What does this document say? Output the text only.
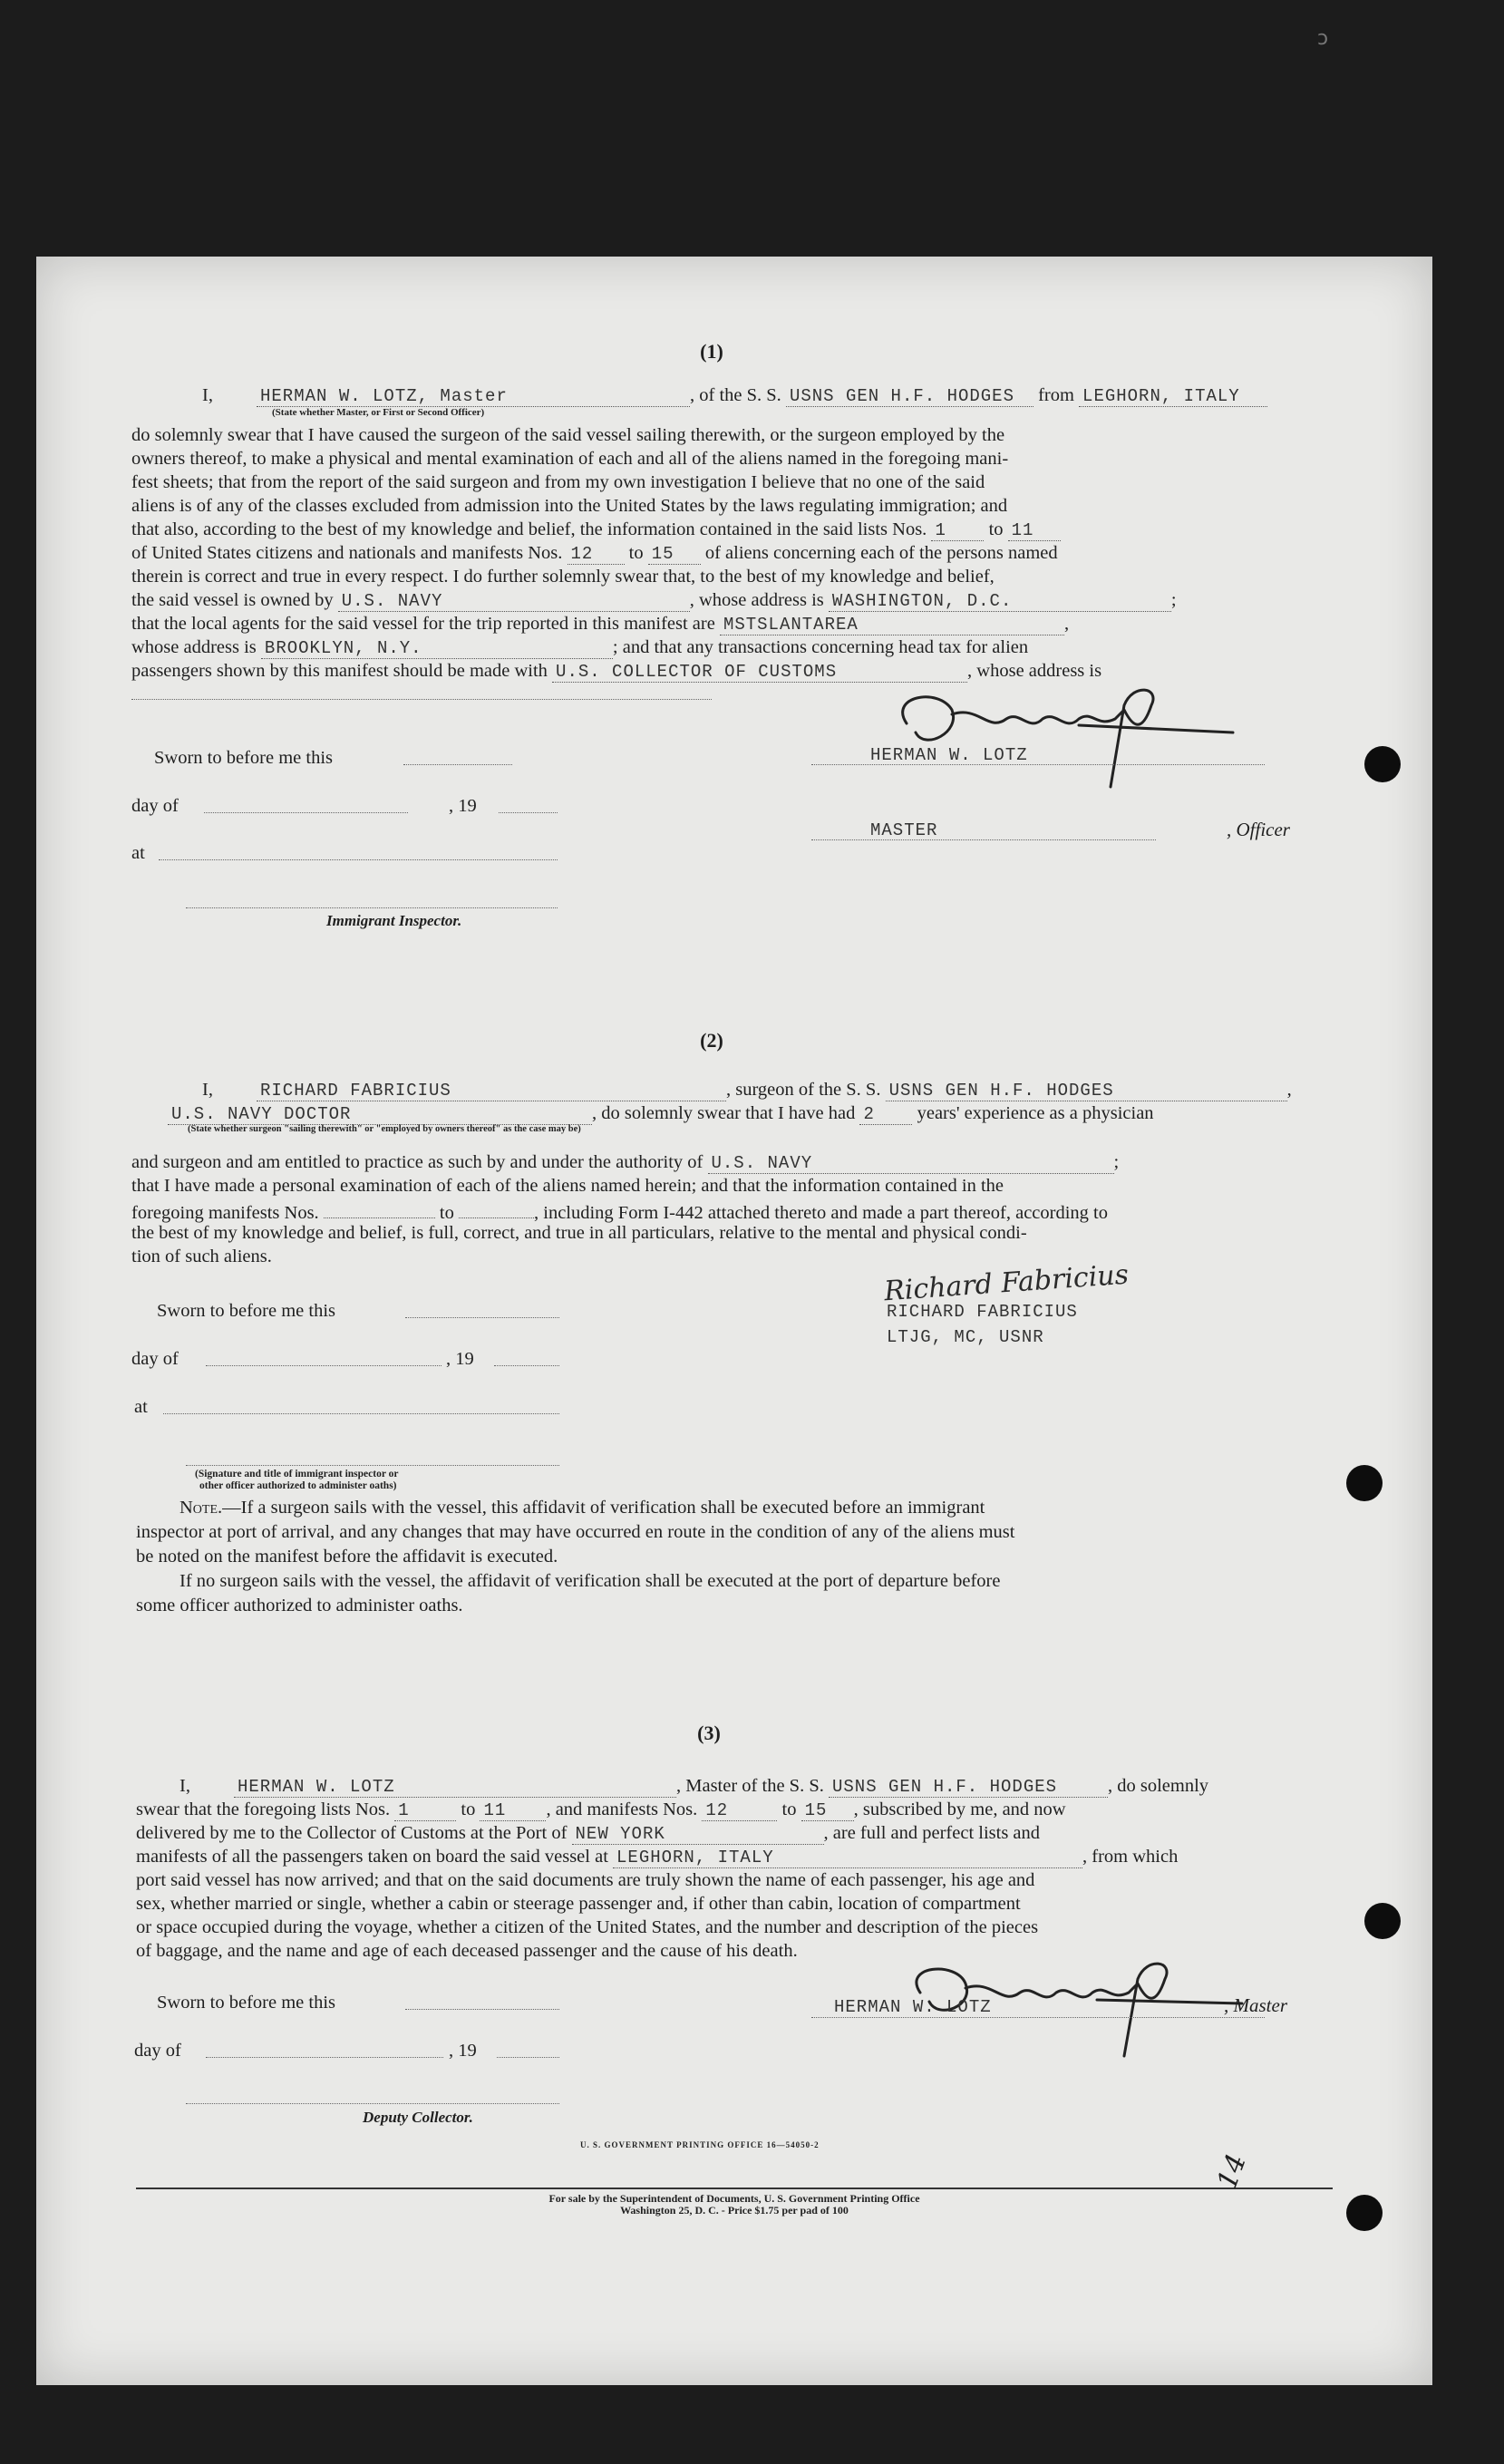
ↄ
(1)
I,	HERMAN W. LOTZ, Master	, of the S. S. USNS GEN H.F. HODGES from LEGHORN, ITALY
(State whether Master, or First or Second Officer)
do solemnly swear that I have caused the surgeon of the said vessel sailing therewith, or the surgeon employed by the
owners thereof, to make a physical and mental examination of each and all of the aliens named in the foregoing mani-
fest sheets; that from the report of the said surgeon and from my own investigation I believe that no one of the said
aliens is of any of the classes excluded from admission into the United States by the laws regulating immigration; and
that also, according to the best of my knowledge and belief, the information contained in the said lists Nos. 1 to 11
of United States citizens and nationals and manifests Nos. 12 to 15 of aliens concerning each of the persons named
therein is correct and true in every respect. I do further solemnly swear that, to the best of my knowledge and belief,
the said vessel is owned by U.S. NAVY	, whose address is WASHINGTON, D.C.	;
that the local agents for the said vessel for the trip reported in this manifest are MSTSLANTAREA	,
whose address is BROOKLYN, N.Y.	; and that any transactions concerning head tax for alien
passengers shown by this manifest should be made with U.S. COLLECTOR OF CUSTOMS	, whose address is
Sworn to before me this
day of	, 19
at
Immigrant Inspector.
HERMAN W. LOTZ
MASTER	, Officer
(2)
I,	RICHARD FABRICIUS	, surgeon of the S. S. USNS GEN H.F. HODGES	,
U.S. NAVY DOCTOR	, do solemnly swear that I have had 2 years' experience as a physician
(State whether surgeon "sailing therewith" or "employed by owners thereof" as the case may be)
and surgeon and am entitled to practice as such by and under the authority of U.S. NAVY	;
that I have made a personal examination of each of the aliens named herein; and that the information contained in the
foregoing manifests Nos.	to	, including Form I-442 attached thereto and made a part thereof, according to
the best of my knowledge and belief, is full, correct, and true in all particulars, relative to the mental and physical condi-
tion of such aliens.
Sworn to before me this
day of	, 19
at
(Signature and title of immigrant inspector or
other officer authorized to administer oaths)
Richard Fabricius
RICHARD FABRICIUS
LTJG, MC, USNR
Note.—If a surgeon sails with the vessel, this affidavit of verification shall be executed before an immigrant
inspector at port of arrival, and any changes that may have occurred en route in the condition of any of the aliens must
be noted on the manifest before the affidavit is executed.
If no surgeon sails with the vessel, the affidavit of verification shall be executed at the port of departure before
some officer authorized to administer oaths.
(3)
I,	HERMAN W. LOTZ	, Master of the S. S. USNS GEN H.F. HODGES	, do solemnly
swear that the foregoing lists Nos. 1	to 11 , and manifests Nos. 12	to 15 , subscribed by me, and now
delivered by me to the Collector of Customs at the Port of NEW YORK	, are full and perfect lists and
manifests of all the passengers taken on board the said vessel at LEGHORN, ITALY	, from which
port said vessel has now arrived; and that on the said documents are truly shown the name of each passenger, his age and
sex, whether married or single, whether a cabin or steerage passenger and, if other than cabin, location of compartment
or space occupied during the voyage, whether a citizen of the United States, and the number and description of the pieces
of baggage, and the name and age of each deceased passenger and the cause of his death.
Sworn to before me this
day of	, 19
Deputy Collector.
HERMAN W. LOTZ	, Master
U. S. GOVERNMENT PRINTING OFFICE 16—54050-2
For sale by the Superintendent of Documents, U. S. Government Printing Office
Washington 25, D. C. - Price $1.75 per pad of 100
14
